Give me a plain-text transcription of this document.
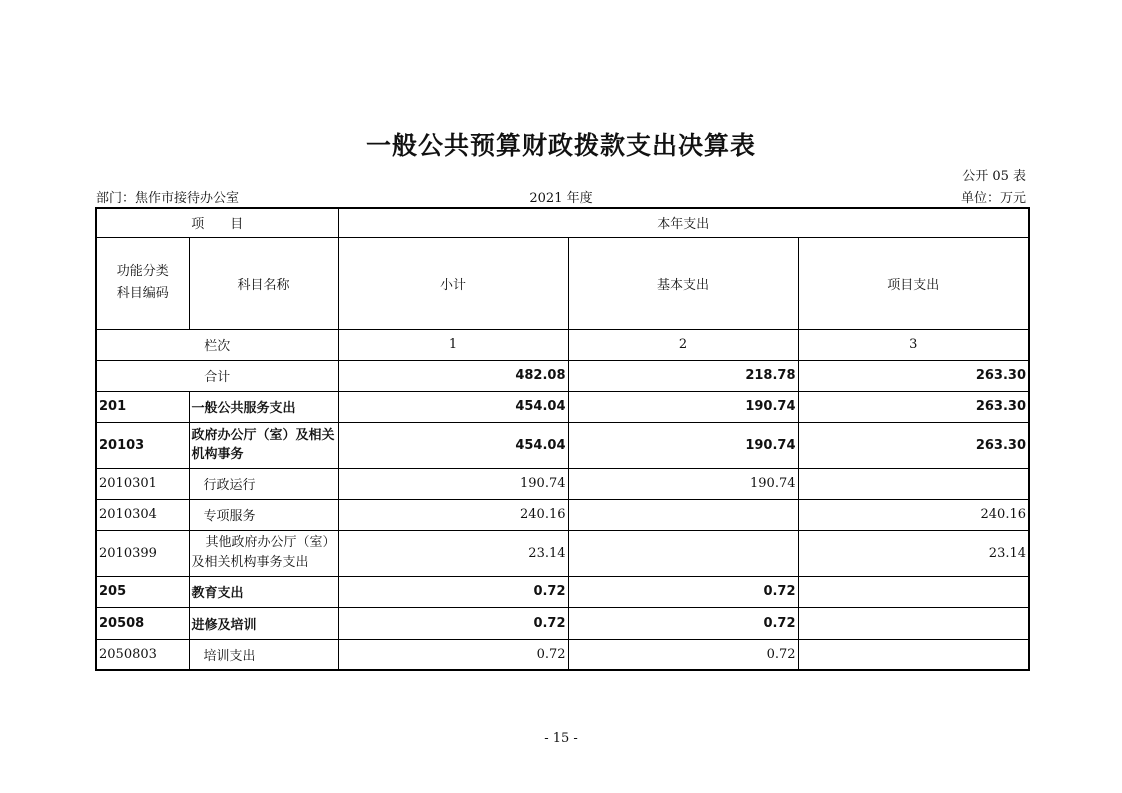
一般公共预算财政拨款支出决算表
公开 05 表
部门：焦作市接待办公室	2021 年度	单位：万元
项　　目		本年支出		
功能分类
科目编码	科目名称	小计	基本支出	项目支出
栏次		1	2	3
合计		482.08	218.78	263.30
201	一般公共服务支出	454.04	190.74	263.30
20103	政府办公厅（室）及相关机构事务	454.04	190.74	263.30
2010301	行政运行	190.74	190.74	
2010304	专项服务	240.16		240.16
2010399	其他政府办公厅（室）及相关机构事务支出	23.14		23.14
205	教育支出	0.72	0.72	
20508	进修及培训	0.72	0.72	
2050803	培训支出	0.72	0.72	
- 15 -
